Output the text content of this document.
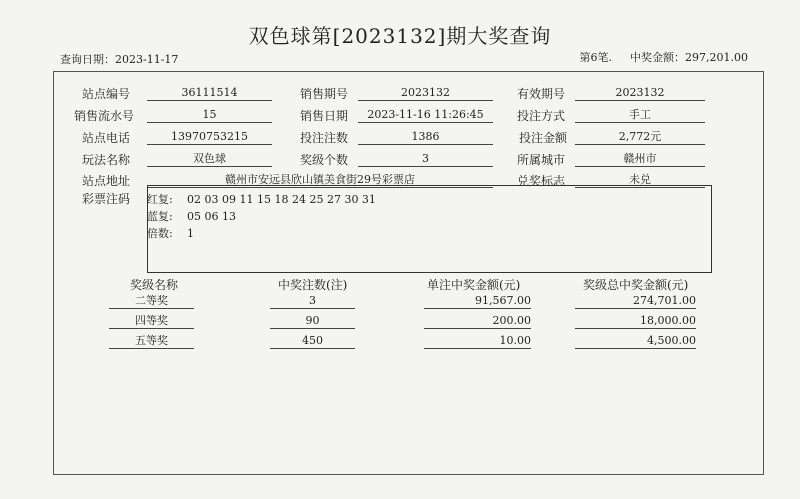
双色球第[2023132]期大奖查询
查询日期：2023-11-17	第6笔. 中奖金额：297,201.00
站点编号	36111514	销售期号	2023132	有效期号	2023132
销售流水号	15	销售日期	2023-11-16 11:26:45	投注方式	手工
站点电话	13970753215	投注注数	1386	投注金额	2,772元
玩法名称	双色球	奖级个数	3	所属城市	赣州市
站点地址	赣州市安远县欣山镇美食街29号彩票店	兑奖标志	未兑
彩票注码 红复: 02 03 09 11 15 18 24 25 27 30 31
蓝复: 05 06 13
倍数: 1
奖级名称	中奖注数(注)	单注中奖金额(元)	奖级总中奖金额(元)
二等奖	3	91,567.00	274,701.00
四等奖	90	200.00	18,000.00
五等奖	450	10.00	4,500.00
